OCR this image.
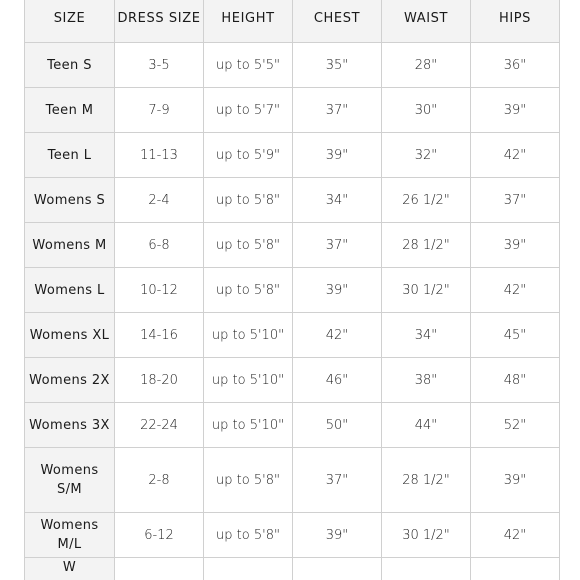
SIZE	DRESS SIZE	HEIGHT	CHEST	WAIST	HIPS
Teen S	3-5	up to 5'5"	35"	28"	36"
Teen M	7-9	up to 5'7"	37"	30"	39"
Teen L	11-13	up to 5'9"	39"	32"	42"
Womens S	2-4	up to 5'8"	34"	26 1/2"	37"
Womens M	6-8	up to 5'8"	37"	28 1/2"	39"
Womens L	10-12	up to 5'8"	39"	30 1/2"	42"
Womens XL	14-16	up to 5'10"	42"	34"	45"
Womens 2X	18-20	up to 5'10"	46"	38"	48"
Womens 3X	22-24	up to 5'10"	50"	44"	52"
Womens S/M	2-8	up to 5'8"	37"	28 1/2"	39"
Womens M/L	6-12	up to 5'8"	39"	30 1/2"	42"
W					
